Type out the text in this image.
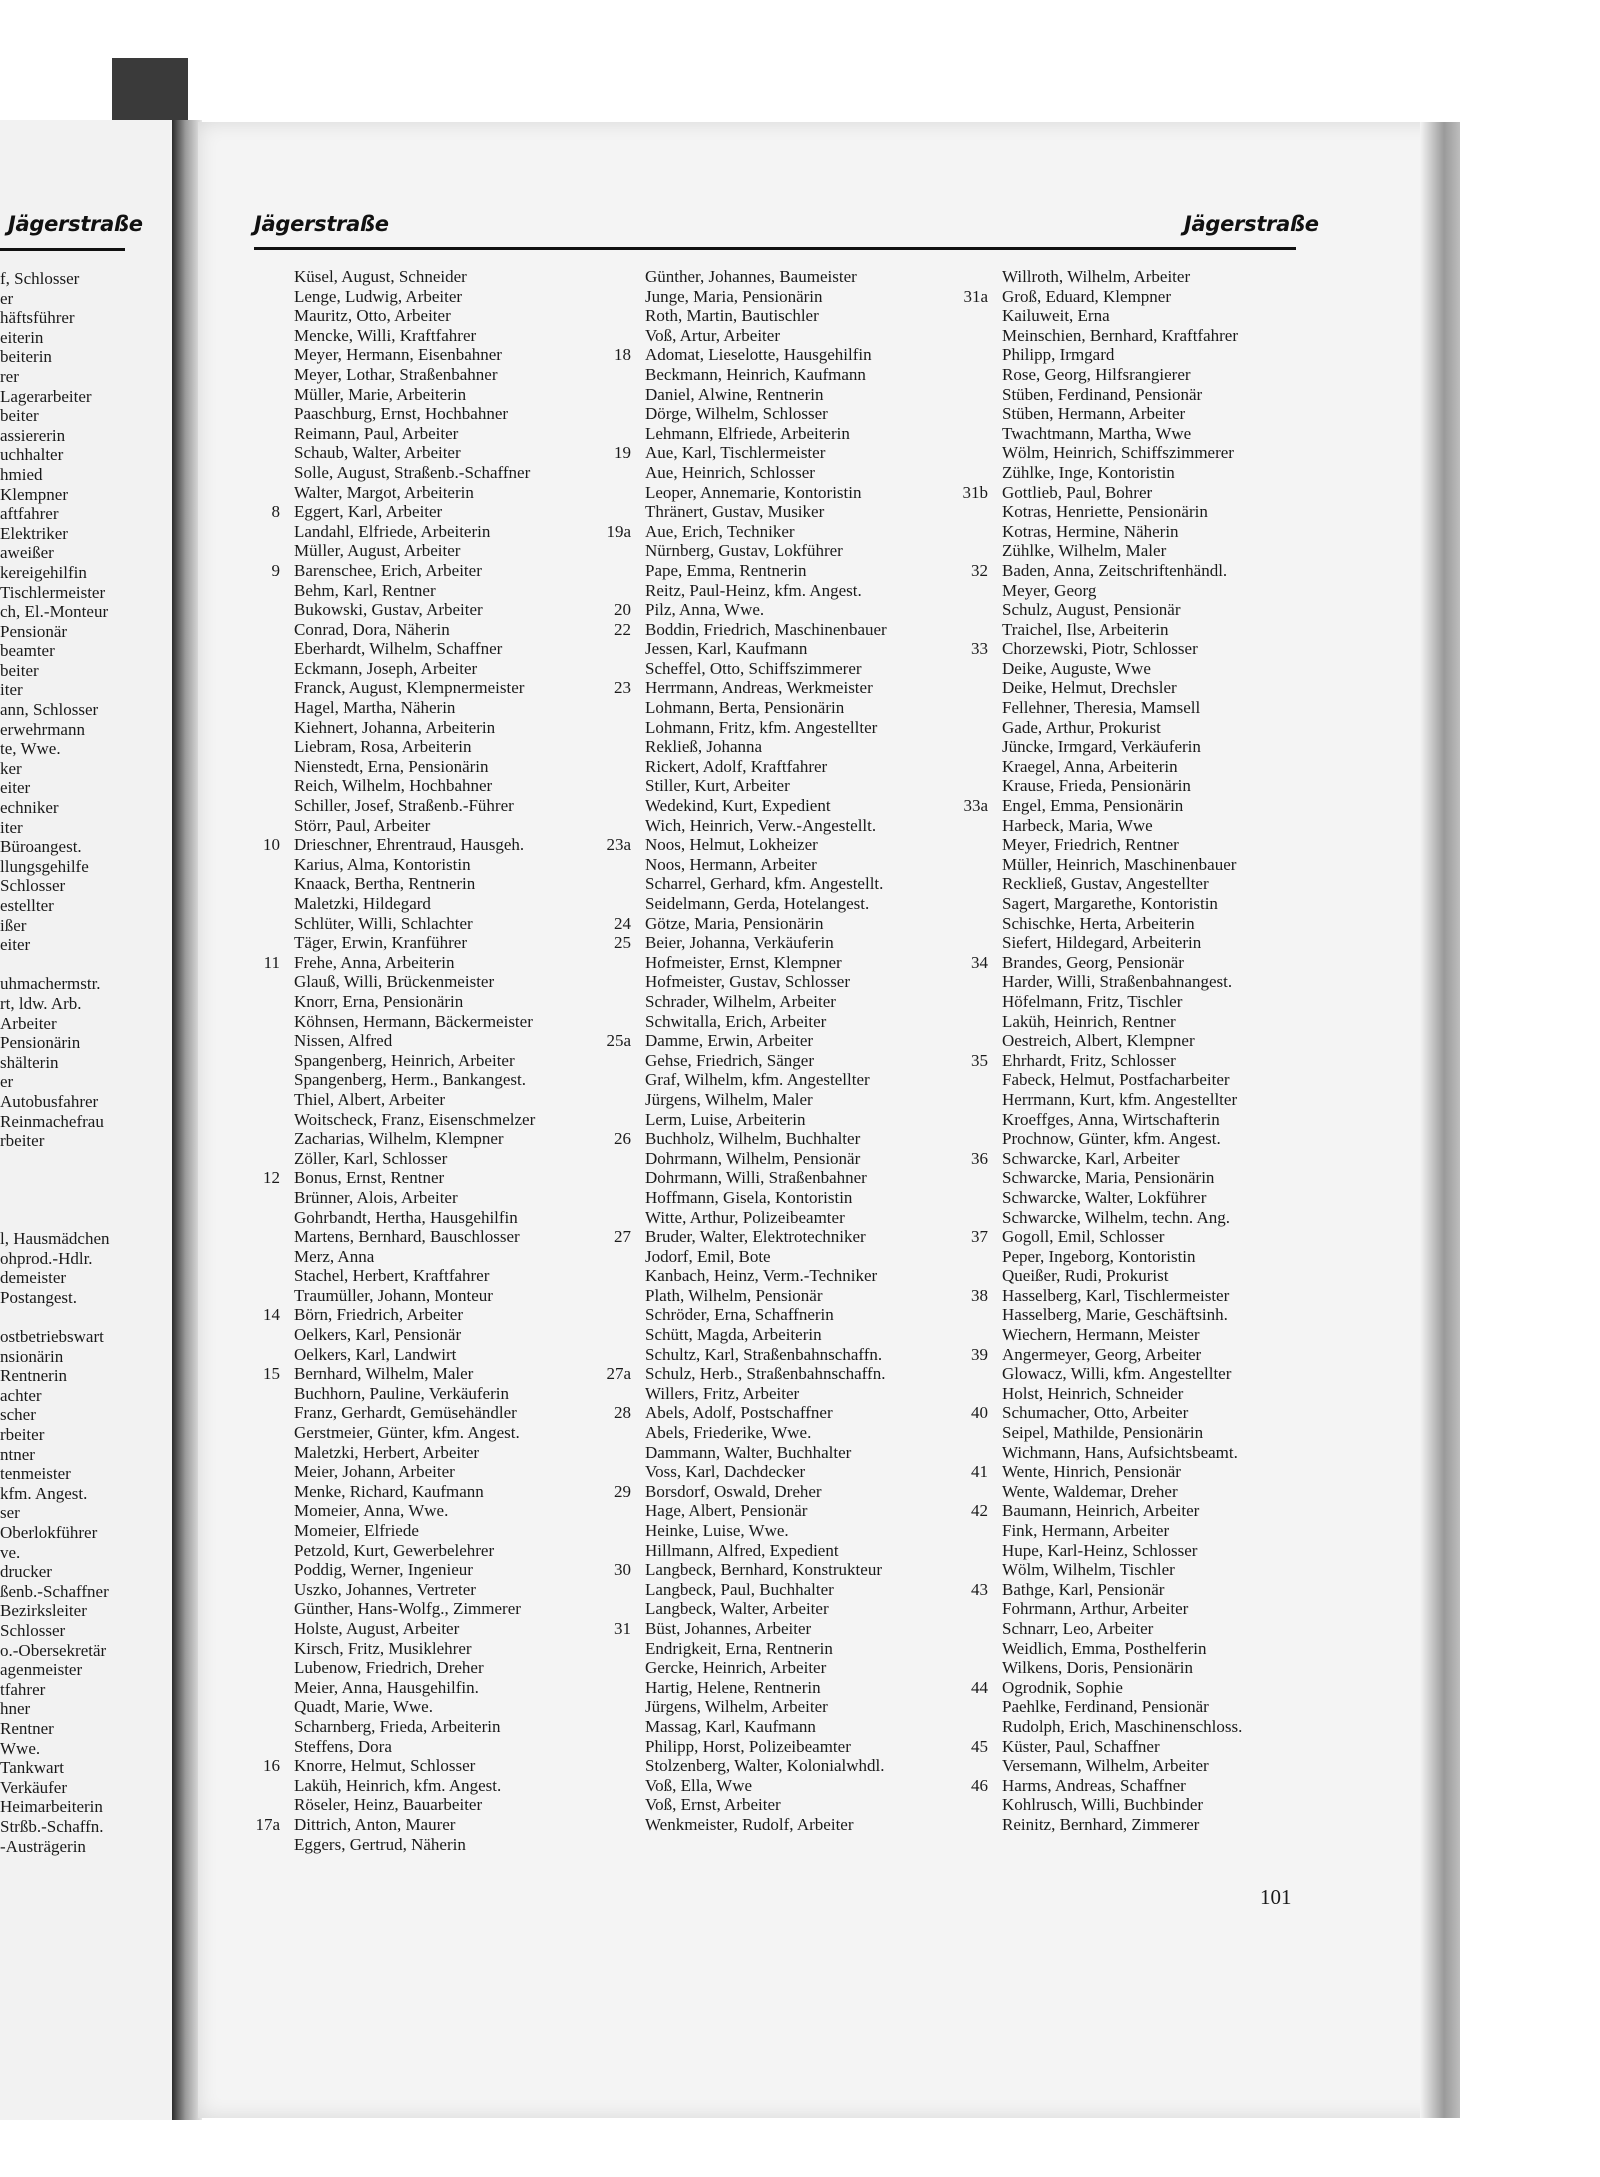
Jägerstraße
f, Schlosser
er
häftsführer
eiterin
beiterin
rer
Lagerarbeiter
beiter
assiererin
uchhalter
hmied
Klempner
aftfahrer
Elektriker
aweißer
kereigehilfin
Tischlermeister
ch, El.-Monteur
Pensionär
beamter
beiter
iter
ann, Schlosser
erwehrmann
te, Wwe.
ker
eiter
echniker
iter
Büroangest.
llungsgehilfe
Schlosser
estellter
ißer
eiter
uhmachermstr.
rt, ldw. Arb.
Arbeiter
Pensionärin
shälterin
er
Autobusfahrer
Reinmachefrau
rbeiter
l, Hausmädchen
ohprod.-Hdlr.
demeister
Postangest.
ostbetriebswart
nsionärin
Rentnerin
achter
scher
rbeiter
ntner
tenmeister
kfm. Angest.
ser
Oberlokführer
ve.
drucker
ßenb.-Schaffner
Bezirksleiter
Schlosser
o.-Obersekretär
agenmeister
tfahrer
hner
Rentner
Wwe.
Tankwart
Verkäufer
Heimarbeiterin
Strßb.-Schaffn.
-Austrägerin
Jägerstraße	Jägerstraße
Küsel, August, Schneider
Lenge, Ludwig, Arbeiter
Mauritz, Otto, Arbeiter
Mencke, Willi, Kraftfahrer
Meyer, Hermann, Eisenbahner
Meyer, Lothar, Straßenbahner
Müller, Marie, Arbeiterin
Paaschburg, Ernst, Hochbahner
Reimann, Paul, Arbeiter
Schaub, Walter, Arbeiter
Solle, August, Straßenb.-Schaffner
Walter, Margot, Arbeiterin
8 Eggert, Karl, Arbeiter
Landahl, Elfriede, Arbeiterin
Müller, August, Arbeiter
9 Barenschee, Erich, Arbeiter
Behm, Karl, Rentner
Bukowski, Gustav, Arbeiter
Conrad, Dora, Näherin
Eberhardt, Wilhelm, Schaffner
Eckmann, Joseph, Arbeiter
Franck, August, Klempnermeister
Hagel, Martha, Näherin
Kiehnert, Johanna, Arbeiterin
Liebram, Rosa, Arbeiterin
Nienstedt, Erna, Pensionärin
Reich, Wilhelm, Hochbahner
Schiller, Josef, Straßenb.-Führer
Störr, Paul, Arbeiter
10 Drieschner, Ehrentraud, Hausgeh.
Karius, Alma, Kontoristin
Knaack, Bertha, Rentnerin
Maletzki, Hildegard
Schlüter, Willi, Schlachter
Täger, Erwin, Kranführer
11 Frehe, Anna, Arbeiterin
Glauß, Willi, Brückenmeister
Knorr, Erna, Pensionärin
Köhnsen, Hermann, Bäckermeister
Nissen, Alfred
Spangenberg, Heinrich, Arbeiter
Spangenberg, Herm., Bankangest.
Thiel, Albert, Arbeiter
Woitscheck, Franz, Eisenschmelzer
Zacharias, Wilhelm, Klempner
Zöller, Karl, Schlosser
12 Bonus, Ernst, Rentner
Brünner, Alois, Arbeiter
Gohrbandt, Hertha, Hausgehilfin
Martens, Bernhard, Bauschlosser
Merz, Anna
Stachel, Herbert, Kraftfahrer
Traumüller, Johann, Monteur
14 Börn, Friedrich, Arbeiter
Oelkers, Karl, Pensionär
Oelkers, Karl, Landwirt
15 Bernhard, Wilhelm, Maler
Buchhorn, Pauline, Verkäuferin
Franz, Gerhardt, Gemüsehändler
Gerstmeier, Günter, kfm. Angest.
Maletzki, Herbert, Arbeiter
Meier, Johann, Arbeiter
Menke, Richard, Kaufmann
Momeier, Anna, Wwe.
Momeier, Elfriede
Petzold, Kurt, Gewerbelehrer
Poddig, Werner, Ingenieur
Uszko, Johannes, Vertreter
Günther, Hans-Wolfg., Zimmerer
Holste, August, Arbeiter
Kirsch, Fritz, Musiklehrer
Lubenow, Friedrich, Dreher
Meier, Anna, Hausgehilfin.
Quadt, Marie, Wwe.
Scharnberg, Frieda, Arbeiterin
Steffens, Dora
16 Knorre, Helmut, Schlosser
Laküh, Heinrich, kfm. Angest.
Röseler, Heinz, Bauarbeiter
17a Dittrich, Anton, Maurer
Eggers, Gertrud, Näherin
Günther, Johannes, Baumeister
Junge, Maria, Pensionärin
Roth, Martin, Bautischler
Voß, Artur, Arbeiter
18 Adomat, Lieselotte, Hausgehilfin
Beckmann, Heinrich, Kaufmann
Daniel, Alwine, Rentnerin
Dörge, Wilhelm, Schlosser
Lehmann, Elfriede, Arbeiterin
19 Aue, Karl, Tischlermeister
Aue, Heinrich, Schlosser
Leoper, Annemarie, Kontoristin
Thränert, Gustav, Musiker
19a Aue, Erich, Techniker
Nürnberg, Gustav, Lokführer
Pape, Emma, Rentnerin
Reitz, Paul-Heinz, kfm. Angest.
20 Pilz, Anna, Wwe.
22 Boddin, Friedrich, Maschinenbauer
Jessen, Karl, Kaufmann
Scheffel, Otto, Schiffszimmerer
23 Herrmann, Andreas, Werkmeister
Lohmann, Berta, Pensionärin
Lohmann, Fritz, kfm. Angestellter
Rekließ, Johanna
Rickert, Adolf, Kraftfahrer
Stiller, Kurt, Arbeiter
Wedekind, Kurt, Expedient
Wich, Heinrich, Verw.-Angestellt.
23a Noos, Helmut, Lokheizer
Noos, Hermann, Arbeiter
Scharrel, Gerhard, kfm. Angestellt.
Seidelmann, Gerda, Hotelangest.
24 Götze, Maria, Pensionärin
25 Beier, Johanna, Verkäuferin
Hofmeister, Ernst, Klempner
Hofmeister, Gustav, Schlosser
Schrader, Wilhelm, Arbeiter
Schwitalla, Erich, Arbeiter
25a Damme, Erwin, Arbeiter
Gehse, Friedrich, Sänger
Graf, Wilhelm, kfm. Angestellter
Jürgens, Wilhelm, Maler
Lerm, Luise, Arbeiterin
26 Buchholz, Wilhelm, Buchhalter
Dohrmann, Wilhelm, Pensionär
Dohrmann, Willi, Straßenbahner
Hoffmann, Gisela, Kontoristin
Witte, Arthur, Polizeibeamter
27 Bruder, Walter, Elektrotechniker
Jodorf, Emil, Bote
Kanbach, Heinz, Verm.-Techniker
Plath, Wilhelm, Pensionär
Schröder, Erna, Schaffnerin
Schütt, Magda, Arbeiterin
Schultz, Karl, Straßenbahnschaffn.
27a Schulz, Herb., Straßenbahnschaffn.
Willers, Fritz, Arbeiter
28 Abels, Adolf, Postschaffner
Abels, Friederike, Wwe.
Dammann, Walter, Buchhalter
Voss, Karl, Dachdecker
29 Borsdorf, Oswald, Dreher
Hage, Albert, Pensionär
Heinke, Luise, Wwe.
Hillmann, Alfred, Expedient
30 Langbeck, Bernhard, Konstrukteur
Langbeck, Paul, Buchhalter
Langbeck, Walter, Arbeiter
31 Büst, Johannes, Arbeiter
Endrigkeit, Erna, Rentnerin
Gercke, Heinrich, Arbeiter
Hartig, Helene, Rentnerin
Jürgens, Wilhelm, Arbeiter
Massag, Karl, Kaufmann
Philipp, Horst, Polizeibeamter
Stolzenberg, Walter, Kolonialwhdl.
Voß, Ella, Wwe
Voß, Ernst, Arbeiter
Wenkmeister, Rudolf, Arbeiter
Willroth, Wilhelm, Arbeiter
31a Groß, Eduard, Klempner
Kailuweit, Erna
Meinschien, Bernhard, Kraftfahrer
Philipp, Irmgard
Rose, Georg, Hilfsrangierer
Stüben, Ferdinand, Pensionär
Stüben, Hermann, Arbeiter
Twachtmann, Martha, Wwe
Wölm, Heinrich, Schiffszimmerer
Zühlke, Inge, Kontoristin
31b Gottlieb, Paul, Bohrer
Kotras, Henriette, Pensionärin
Kotras, Hermine, Näherin
Zühlke, Wilhelm, Maler
32 Baden, Anna, Zeitschriftenhändl.
Meyer, Georg
Schulz, August, Pensionär
Traichel, Ilse, Arbeiterin
33 Chorzewski, Piotr, Schlosser
Deike, Auguste, Wwe
Deike, Helmut, Drechsler
Fellehner, Theresia, Mamsell
Gade, Arthur, Prokurist
Jüncke, Irmgard, Verkäuferin
Kraegel, Anna, Arbeiterin
Krause, Frieda, Pensionärin
33a Engel, Emma, Pensionärin
Harbeck, Maria, Wwe
Meyer, Friedrich, Rentner
Müller, Heinrich, Maschinenbauer
Reckließ, Gustav, Angestellter
Sagert, Margarethe, Kontoristin
Schischke, Herta, Arbeiterin
Siefert, Hildegard, Arbeiterin
34 Brandes, Georg, Pensionär
Harder, Willi, Straßenbahnangest.
Höfelmann, Fritz, Tischler
Laküh, Heinrich, Rentner
Oestreich, Albert, Klempner
35 Ehrhardt, Fritz, Schlosser
Fabeck, Helmut, Postfacharbeiter
Herrmann, Kurt, kfm. Angestellter
Kroeffges, Anna, Wirtschafterin
Prochnow, Günter, kfm. Angest.
36 Schwarcke, Karl, Arbeiter
Schwarcke, Maria, Pensionärin
Schwarcke, Walter, Lokführer
Schwarcke, Wilhelm, techn. Ang.
37 Gogoll, Emil, Schlosser
Peper, Ingeborg, Kontoristin
Queißer, Rudi, Prokurist
38 Hasselberg, Karl, Tischlermeister
Hasselberg, Marie, Geschäftsinh.
Wiechern, Hermann, Meister
39 Angermeyer, Georg, Arbeiter
Glowacz, Willi, kfm. Angestellter
Holst, Heinrich, Schneider
40 Schumacher, Otto, Arbeiter
Seipel, Mathilde, Pensionärin
Wichmann, Hans, Aufsichtsbeamt.
41 Wente, Hinrich, Pensionär
Wente, Waldemar, Dreher
42 Baumann, Heinrich, Arbeiter
Fink, Hermann, Arbeiter
Hupe, Karl-Heinz, Schlosser
Wölm, Wilhelm, Tischler
43 Bathge, Karl, Pensionär
Fohrmann, Arthur, Arbeiter
Schnarr, Leo, Arbeiter
Weidlich, Emma, Posthelferin
Wilkens, Doris, Pensionärin
44 Ogrodnik, Sophie
Paehlke, Ferdinand, Pensionär
Rudolph, Erich, Maschinenschloss.
45 Küster, Paul, Schaffner
Versemann, Wilhelm, Arbeiter
46 Harms, Andreas, Schaffner
Kohlrusch, Willi, Buchbinder
Reinitz, Bernhard, Zimmerer
101
